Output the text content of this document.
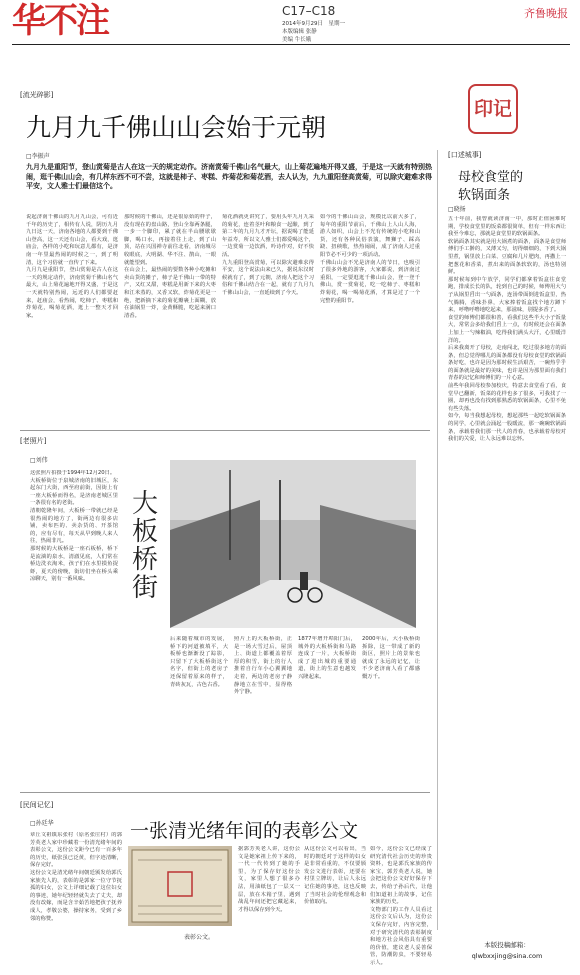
华不注	C17–C18
2014年9月29日　星期一
本版编辑 张静
美编 牛长娥
齐鲁晚报
[流光碎影]
九月九千佛山山会始于元朝
□李振声
九月九是重阳节，登山赏菊是古人在这一天的规定动作。济南赏菊千佛山名气最大，山上菊花遍地开得又盛，于是这一天就有特别热闹，逛千佛山山会，有几样东西不可不尝，这就是柿子、枣糕、炸菊花和菊花酒，去人认为，九九重阳登高赏菊，可以除灾避难求得平安，文人雅士们最信这个。
说起济南千佛山的九月九山会，可有近千年的历史了，相传有人说，阴历九月九日这一天，济南各地的人都要到千佛山登高，这一天还有山会，看大戏，逛庙会，各样的小吃和玩意儿都有，是济南一年里最热闹的时候之一，到了明清，这个习俗就一直传了下来。
九月九是重阳节，登山赏菊是古人在这一天的规定动作，济南赏菊千佛山名气最大，山上菊花遍地开得又盛，于是这一天就特别热闹，远近的人们都要赶来，赶庙会，看热闹，吃柿子、枣糕和炸菊花，喝菊花酒，逛上一整天才回家。
那时候的千佛山，还是很原始的样子，没有现在的盘山路，登山全靠两条腿，一步一个脚印，累了就在半山腰歇歇脚，喝口水，再接着往上走，到了山顶，站在兴国禅寺前往北看，济南城尽收眼底，大明湖、华不注、鹊山，一眼就能望到。
在山会上，最热闹的要数各种小吃摊和卖山货的摊子，柿子是千佛山一带的特产，又红又甜，枣糕是用新下来的大枣和江米蒸的，又香又软，炸菊花更是一绝，把新摘下来的菊花瓣裹上面糊，放在油锅里一炸，金黄酥脆，吃起来满口清香。
菊花酒就更讲究了，要用头年九月九采的菊花，连着茎叶和粮食一起酿，到了第二年的九月九才开坛，据说喝了能延年益寿，所以文人雅士们都爱喝这个，一边赏菊一边饮酒，吟诗作对，好不快活。
九九重阳登高赏菊，可以除灾避难求得平安，这个说法由来已久，据说东汉时候就有了，到了元朝，济南人把这个习俗和千佛山结合在一起，就有了九月九千佛山山会，一直延续到了今天。
如今的千佛山山会，规模比以前大多了，每年的重阳节前后，千佛山上人山人海，游人如织，山会上不光有传统的小吃和山货，还有各种民俗表演，舞狮子、踩高跷、扭秧歌，热热闹闹，成了济南人过重阳节必不可少的一项活动。
千佛山山会不光是济南人的节日，也吸引了很多外地的游客，大家都说，到济南过重阳，一定要逛逛千佛山山会，登一登千佛山，赏一赏菊花，吃一吃柿子、枣糕和炸菊花，喝一喝菊花酒，才算是过了一个完整的重阳节。
印记
[口述城事]
母校食堂的
软锅面条
□晓扬
五十年前，我曾就读济南一中，那时正值困难时期，学校食堂里的饭菜都很简单，但有一样东西让我至今难忘，那就是食堂里的软锅面条。
软锅面条其实就是用大锅煮的面条，面条是食堂师傅们手工擀的，又薄又匀，切得细细的，下到大锅里煮，锅里放上白菜、豆腐和几片肥肉，再撒上一把葱花和香菜，煮出来的面条软软的，汤也特别鲜。
那时候每到中午放学，同学们都拿着饭盒往食堂跑，排成长长的队，轮到自己的时候，师傅用大勺子从锅里舀出一勺面条，连汤带面倒进饭盒里，热气腾腾，香味扑鼻，大家捧着饭盒找个地方蹲下来，呼噜呼噜地吃起来，那滋味，别提多香了。
食堂的师傅们都很和善，看我们这些半大小子饭量大，常常会多给我们舀上一点，有时候还会在面条上加上一勺辣椒油，吃得我们满头大汗，心里暖洋洋的。
后来我离开了母校，走南闯北，吃过很多地方的面条，但总觉得哪儿的面条都没有母校食堂的软锅面条好吃，也许是因为那时候生活艰苦，一碗热乎乎的面条就是最好的美味，也许是因为那里面有我们青春的记忆和师傅们的一片心意。
前些年我回母校参加校庆，特意去食堂看了看，食堂早已翻新，饭菜的花样也多了很多，可我找了一圈，却再也没有找到那熟悉的软锅面条，心里不免有些失落。
如今，每当我想起母校，想起那些一起吃软锅面条的同学，心里就会涌起一股暖流，那一碗碗软锅面条，承载着我们那一代人的青春，也承载着母校对我们的关爱，让人永远难以忘怀。
[老照片]
□刘伟
这张照片拍摄于1994年12月20日。
大板桥街位于泉城济南的旧城区，东起东门大街，西至府前街，因街上有一座大板桥而得名，是济南老城区里一条很有名的老街。
清朝乾隆年间，大板桥一带就已经是很热闹的地方了，街两边有很多店铺，卖布匹的、卖杂货的、开茶馆的，应有尽有，每天从早到晚人来人往，热闹非凡。
那时候的大板桥是一座石板桥，桥下是流淌的泉水，清澈见底，人们常在桥边洗衣淘米，孩子们在水里摸鱼捉虾，夏天的傍晚，街坊们坐在桥头乘凉聊天，别有一番风味。
大板桥街
后来随着城市的发展，桥下的河道被填平，大板桥也渐渐没了踪影，只留下了大板桥街这个名字，但街上的老房子还保留着原来的样子，青砖灰瓦，古色古香。
照片上的大板桥街，正是一场大雪过后，屋顶上、街道上都覆盖着厚厚的积雪，街上的行人推着自行车小心翼翼地走着，两边的老房子静静地立在雪中，显得格外宁静。
1877年增开埠阳门后，城外的大板桥街和马路连成了一片，大板桥街成了进出城的重要通道，街上的生意也越发兴隆起来。
2000年后，大小板桥街拆除，这一带成了新的街区，照片上的景象也就成了永远的记忆，让不少老济南人看了都感慨万千。
[民间记忆]
□孙廷华	一张清光绪年间的表彰公文
章丘文祖镇东张村（原名张庄村）的郭芳英老人家中珍藏着一份清光绪年间的表彰公文，这份公文距今已有一百多年的历史，纸张虽已泛黄，但字迹清晰，保存完好。
这份公文是清光绪年间朝廷颁发给郭氏家族先人的，表彰的是郭家一位守节抚孤的妇女，公文上详细记载了这位妇女的事迹，她年纪轻轻就失去了丈夫，却没有改嫁，而是含辛茹苦地把孩子抚养成人，孝敬公婆，操持家务，受到了乡邻的称赞。
表彰公文。
据郭芳英老人讲，这份公文是她家祖上传下来的，一代一代传到了她的手里，为了保存好这份公文，家里人想了很多办法，用油纸包了一层又一层，放在木箱子里，遇到战乱年间还把它藏起来，才得以保存到今天。
从这份公文可以看出，当时的朝廷对于这样的妇女是非常看重的，不仅要颁发公文进行表彰，还要在村里立牌坊，让后人永远记住她的事迹，这也反映了当时社会的伦理观念和价值取向。
如今，这份公文已经成了研究清代社会历史的珍贵资料，也是郭氏家族的传家宝，郭芳英老人说，她会把这份公文好好保存下去，传给子孙后代，让他们知道祖上的故事，记住家族的历史。
文物部门的工作人员看过这份公文后认为，这份公文保存完好，内容完整，对于研究清代的表彰制度和地方社会风俗具有重要的价值，建议老人妥善保管，防潮防虫，不要轻易示人。
本版投稿邮箱：
qlwbxxjing@sina.com
